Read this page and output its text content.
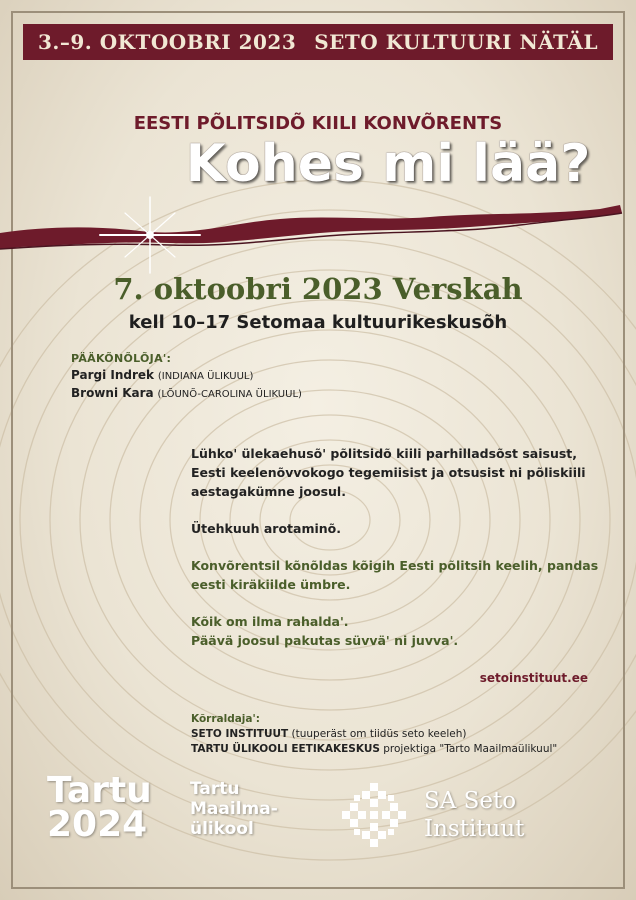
3.–9. OKTOOBRI 2023 SETO KULTUURI NÄTÄL
EESTI PÕLITSIDÕ KIILI KONVÕRENTS
Kohes mi lää?
7. oktoobri 2023 Verskah
kell 10–17 Setomaa kultuurikeskusõh
PÄÄKÕNÕLÕJA':
Pargi Indrek (INDIANA ÜLIKUUL)
Browni Kara (LÕUNÕ-CAROLINA ÜLIKUUL)

Lühko' ülekaehusõ' põlitsidõ kiili parhilladsõst saisust, Eesti keelenõvvokogo tegemiisist ja otsusist ni põliskiili aestagakümne joosul.

Ütehkuuh arotaminõ.

Konvõrentsil kõnõldas kõigih Eesti põlitsih keelih, pandas eesti kiräkiilde ümbre.

Kõik om ilma rahalda'.
Päävä joosul pakutas süvvä' ni juvva'.

setoinstituut.ee
Kõrraldaja':
SETO INSTITUUT (tuuperäst om tiidüs seto keeleh)
TARTU ÜLIKOOLI EETIKAKESKUS projektiga "Tarto Maailmaülikuul"
Tartu
2024
Tartu
Maailma-
ülikool
SA Seto
Instituut
